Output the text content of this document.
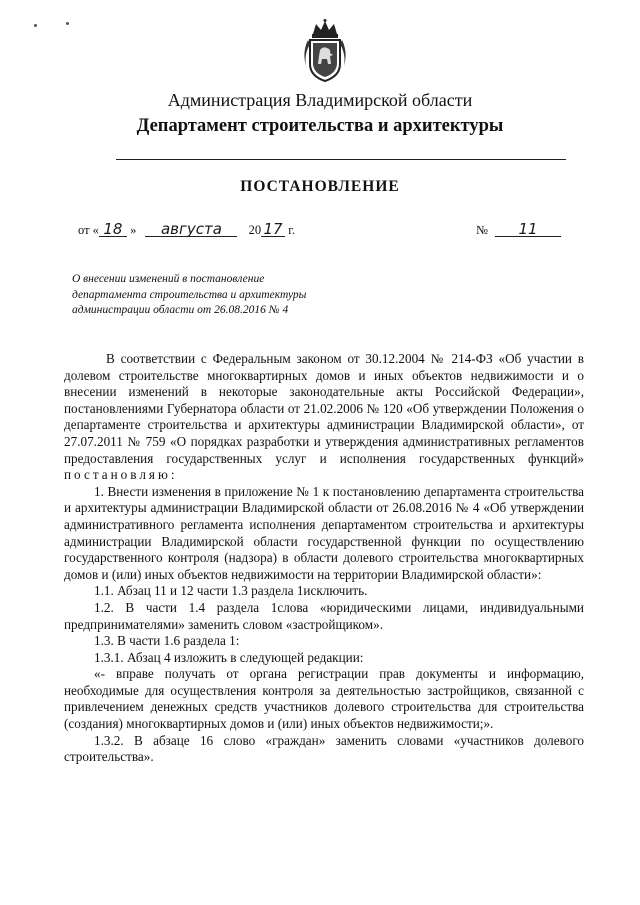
Администрация Владимирской области
Департамент строительства и архитектуры
ПОСТАНОВЛЕНИЕ
от « 18 » августа 20 17 г.	№ 11
О внесении изменений в постановление департамента строительства и архитектуры администрации области от 26.08.2016 № 4

В соответствии с Федеральным законом от 30.12.2004 № 214-ФЗ «Об участии в долевом строительстве многоквартирных домов и иных объектов недвижимости и о внесении изменений в некоторые законодательные акты Российской Федерации», постановлениями Губернатора области от 21.02.2006 № 120 «Об утверждении Положения о департаменте строительства и архитектуры администрации Владимирской области», от 27.07.2011 № 759 «О порядках разработки и утверждения административных регламентов предоставления государственных услуг и исполнения государственных функций» постановляю:

1. Внести изменения в приложение № 1 к постановлению департамента строительства и архитектуры администрации Владимирской области от 26.08.2016 № 4 «Об утверждении административного регламента исполнения департаментом строительства и архитектуры администрации Владимирской области государственной функции по осуществлению государственного контроля (надзора) в области долевого строительства многоквартирных домов и (или) иных объектов недвижимости на территории Владимирской области»:

1.1. Абзац 11 и 12 части 1.3 раздела 1исключить.

1.2. В части 1.4 раздела 1слова «юридическими лицами, индивидуальными предпринимателями» заменить словом «застройщиком».

1.3. В части 1.6 раздела 1:

1.3.1. Абзац 4 изложить в следующей редакции:

«- вправе получать от органа регистрации прав документы и информацию, необходимые для осуществления контроля за деятельностью застройщиков, связанной с привлечением денежных средств участников долевого строительства для строительства (создания) многоквартирных домов и (или) иных объектов недвижимости;».

1.3.2. В абзаце 16 слово «граждан» заменить словами «участников долевого строительства».
